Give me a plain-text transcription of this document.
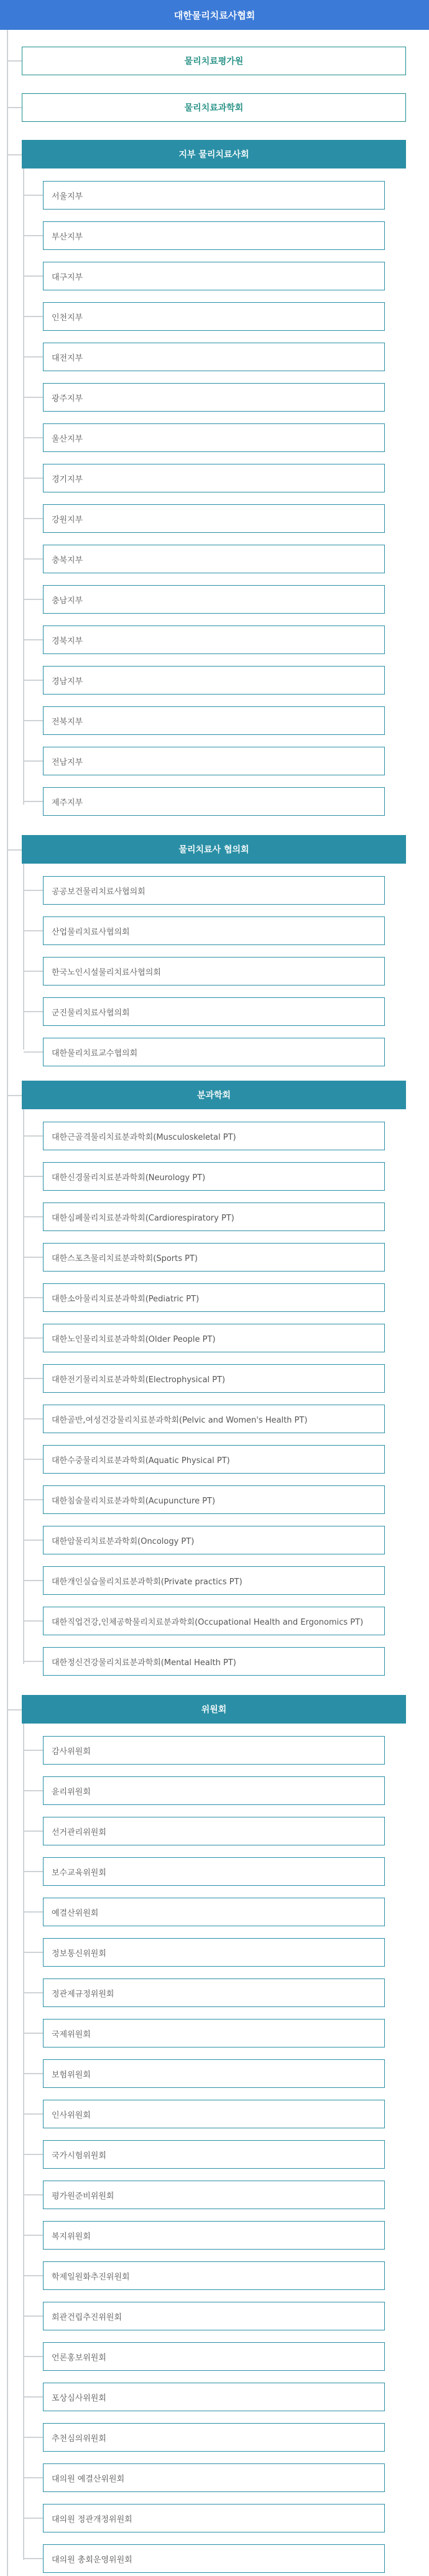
대한물리치료사협회
물리치료평가원
물리치료과학회
지부 물리치료사회
물리치료사 협의회
분과학회
위원회
서울지부
부산지부
대구지부
인천지부
대전지부
광주지부
울산지부
경기지부
강원지부
충북지부
충남지부
경북지부
경남지부
전북지부
전남지부
제주지부
공공보건물리치료사협의회
산업물리치료사협의회
한국노인시설물리치료사협의회
군진물리치료사협의회
대한물리치료교수협의회
대한근골격물리치료분과학회(Musculoskeletal PT)
대한신경물리치료분과학회(Neurology PT)
대한심폐물리치료분과학회(Cardiorespiratory PT)
대한스포츠물리치료분과학회(Sports PT)
대한소아물리치료분과학회(Pediatric PT)
대한노인물리치료분과학회(Older People PT)
대한전기물리치료분과학회(Electrophysical PT)
대한골반,여성건강물리치료분과학회(Pelvic and Women's Health PT)
대한수중물리치료분과학회(Aquatic Physical PT)
대한침술물리치료분과학회(Acupuncture PT)
대한암물리치료분과학회(Oncology PT)
대한개인실습물리치료분과학회(Private practics PT)
대한직업건강,인체공학물리치료분과학회(Occupational Health and Ergonomics PT)
대한정신건강물리치료분과학회(Mental Health PT)
감사위원회
윤리위원회
선거관리위원회
보수교육위원회
예결산위원회
정보통신위원회
정관제규정위원회
국제위원회
보험위원회
인사위원회
국가시험위원회
평가원준비위원회
복지위원회
학제일원화추진위원회
회관건립추진위원회
언론홍보위원회
포상심사위원회
추천심의위원회
대의원 예결산위원회
대의원 정관개정위원회
대의원 총회운영위원회
